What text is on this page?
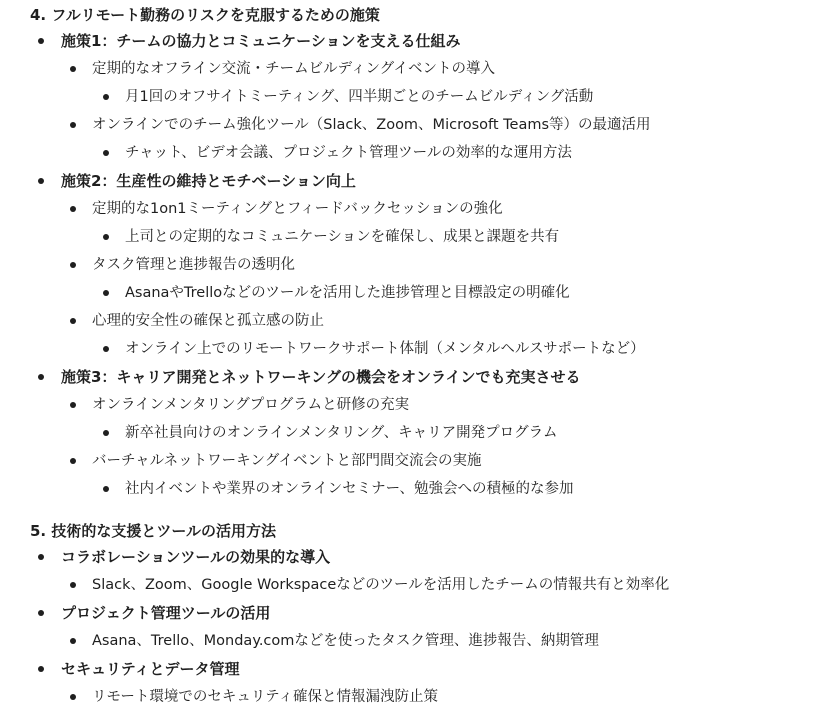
4. フルリモート勤務のリスクを克服するための施策
施策1：チームの協力とコミュニケーションを支える仕組み
定期的なオフライン交流・チームビルディングイベントの導入
月1回のオフサイトミーティング、四半期ごとのチームビルディング活動
オンラインでのチーム強化ツール（Slack、Zoom、Microsoft Teams等）の最適活用
チャット、ビデオ会議、プロジェクト管理ツールの効率的な運用方法
施策2：生産性の維持とモチベーション向上
定期的な1on1ミーティングとフィードバックセッションの強化
上司との定期的なコミュニケーションを確保し、成果と課題を共有
タスク管理と進捗報告の透明化
AsanaやTrelloなどのツールを活用した進捗管理と目標設定の明確化
心理的安全性の確保と孤立感の防止
オンライン上でのリモートワークサポート体制（メンタルヘルスサポートなど）
施策3：キャリア開発とネットワーキングの機会をオンラインでも充実させる
オンラインメンタリングプログラムと研修の充実
新卒社員向けのオンラインメンタリング、キャリア開発プログラム
バーチャルネットワーキングイベントと部門間交流会の実施
社内イベントや業界のオンラインセミナー、勉強会への積極的な参加
5. 技術的な支援とツールの活用方法
コラボレーションツールの効果的な導入
Slack、Zoom、Google Workspaceなどのツールを活用したチームの情報共有と効率化
プロジェクト管理ツールの活用
Asana、Trello、Monday.comなどを使ったタスク管理、進捗報告、納期管理
セキュリティとデータ管理
リモート環境でのセキュリティ確保と情報漏洩防止策
